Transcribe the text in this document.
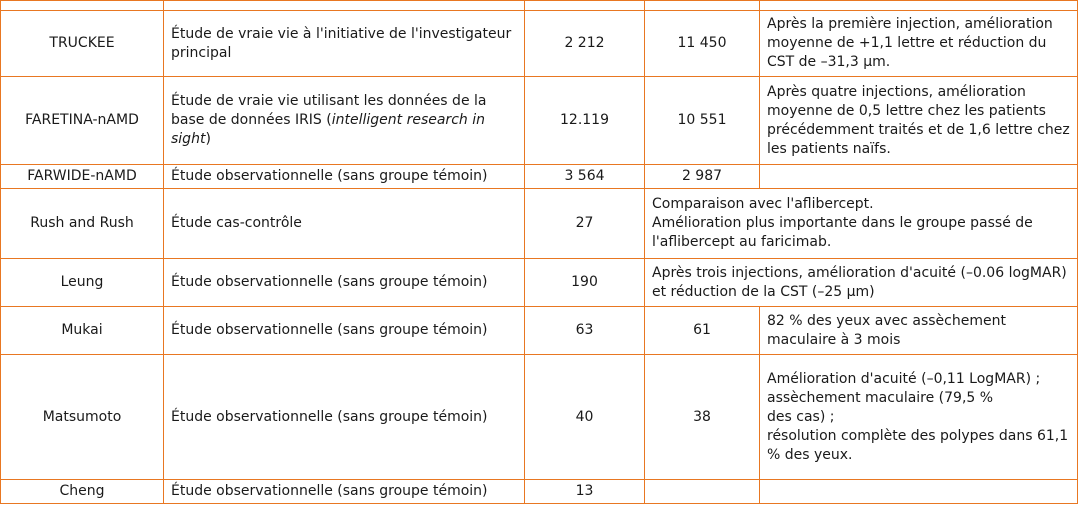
TRUCKEE	Étude de vraie vie à l'initiative de l'investigateur principal	2 212	11 450	Après la première injection, amélioration moyenne de +1,1 lettre et réduction du CST de –31,3 µm.
FARETINA-nAMD	Étude de vraie vie utilisant les données de la base de données IRIS (intelligent research in sight)	12.119	10 551	Après quatre injections, amélioration moyenne de 0,5 lettre chez les patients précédemment traités et de 1,6 lettre chez les patients naïfs.
FARWIDE-nAMD	Étude observationnelle (sans groupe témoin)	3 564	2 987	
Rush and Rush	Étude cas-contrôle	27	Comparaison avec l'aflibercept.
Amélioration plus importante dans le groupe passé de l'aflibercept au faricimab.	

Leung	Étude observationnelle (sans groupe témoin)	190	Après trois injections, amélioration d'acuité (–0.06 logMAR) et réduction de la CST (–25 µm)	
Mukai	Étude observationnelle (sans groupe témoin)	63	61	82 % des yeux avec assèchement maculaire à 3 mois
Matsumoto	Étude observationnelle (sans groupe témoin)	40	38	Amélioration d'acuité (–0,11 LogMAR) ;
assèchement maculaire (79,5 %
des cas) ;
résolution complète des polypes dans 61,1 % des yeux.

Cheng	Étude observationnelle (sans groupe témoin)	13		
